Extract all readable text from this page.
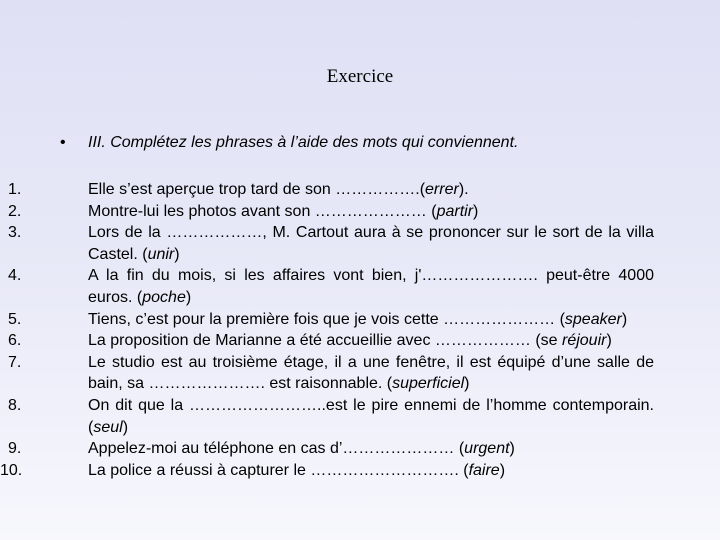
Exercice
• III. Complétez les phrases à l’aide des mots qui conviennent.
1.	Elle s’est aperçue trop tard de son …………….(errer).
2.	Montre-lui les photos avant son ………………… (partir)
3.	Lors de la ………………, M. Cartout aura à se prononcer sur le sort de la villa Castel. (unir)
4.	A la fin du mois, si les affaires vont bien, j'…………………. peut-être 4000 euros. (poche)
5.	Tiens, c’est pour la première fois que je vois cette ………………… (speaker)
6.	La proposition de Marianne a été accueillie avec ……………… (se réjouir)
7.	Le studio est au troisième étage, il a une fenêtre, il est équipé d’une salle de bain, sa …………………. est raisonnable. (superficiel)
8.	On dit que la ……………………..est le pire ennemi de l’homme contemporain. (seul)
9.	Appelez-moi au téléphone en cas d’………………… (urgent)
10.	La police a réussi à capturer le ………………………. (faire)
